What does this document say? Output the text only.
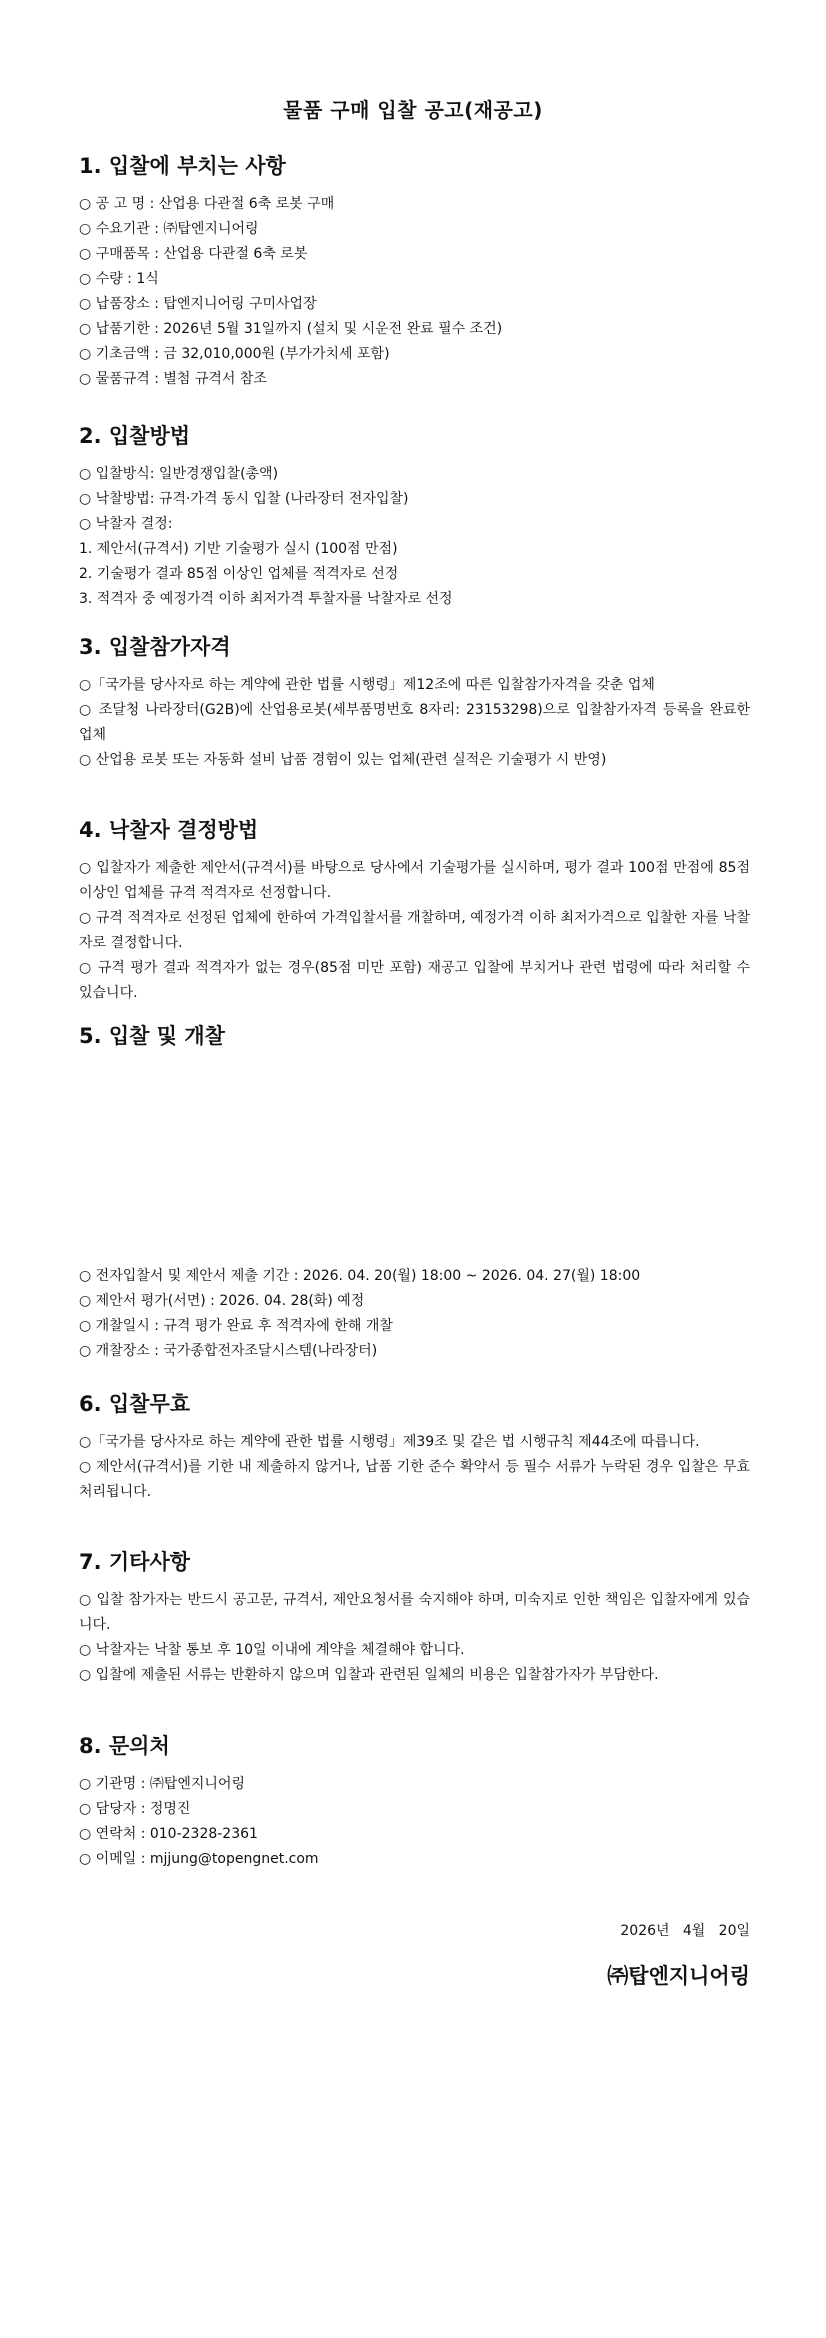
물품 구매 입찰 공고(재공고)
1. 입찰에 부치는 사항
○ 공 고 명 : 산업용 다관절 6축 로봇 구매
○ 수요기관 : ㈜탑엔지니어링
○ 구매품목 : 산업용 다관절 6축 로봇
○ 수량 : 1식
○ 납품장소 : 탑엔지니어링 구미사업장
○ 납품기한 : 2026년 5월 31일까지 (설치 및 시운전 완료 필수 조건)
○ 기초금액 : 금 32,010,000원 (부가가치세 포함)
○ 물품규격 : 별첨 규격서 참조
2. 입찰방법
○ 입찰방식: 일반경쟁입찰(총액)
○ 낙찰방법: 규격·가격 동시 입찰 (나라장터 전자입찰)
○ 낙찰자 결정:
1. 제안서(규격서) 기반 기술평가 실시 (100점 만점)
2. 기술평가 결과 85점 이상인 업체를 적격자로 선정
3. 적격자 중 예정가격 이하 최저가격 투찰자를 낙찰자로 선정
3. 입찰참가자격
○「국가를 당사자로 하는 계약에 관한 법률 시행령」제12조에 따른 입찰참가자격을 갖춘 업체
○ 조달청 나라장터(G2B)에 산업용로봇(세부품명번호 8자리: 23153298)으로 입찰참가자격 등록을 완료한 업체
○ 산업용 로봇 또는 자동화 설비 납품 경험이 있는 업체(관련 실적은 기술평가 시 반영)
4. 낙찰자 결정방법
○ 입찰자가 제출한 제안서(규격서)를 바탕으로 당사에서 기술평가를 실시하며, 평가 결과 100점 만점에 85점 이상인 업체를 규격 적격자로 선정합니다.
○ 규격 적격자로 선정된 업체에 한하여 가격입찰서를 개찰하며, 예정가격 이하 최저가격으로 입찰한 자를 낙찰자로 결정합니다.
○ 규격 평가 결과 적격자가 없는 경우(85점 미만 포함) 재공고 입찰에 부치거나 관련 법령에 따라 처리할 수 있습니다.
5. 입찰 및 개찰
○ 전자입찰서 및 제안서 제출 기간 : 2026. 04. 20(월) 18:00 ~ 2026. 04. 27(월) 18:00
○ 제안서 평가(서면) : 2026. 04. 28(화) 예정
○ 개찰일시 : 규격 평가 완료 후 적격자에 한해 개찰
○ 개찰장소 : 국가종합전자조달시스템(나라장터)
6. 입찰무효
○「국가를 당사자로 하는 계약에 관한 법률 시행령」제39조 및 같은 법 시행규칙 제44조에 따릅니다.
○ 제안서(규격서)를 기한 내 제출하지 않거나, 납품 기한 준수 확약서 등 필수 서류가 누락된 경우 입찰은 무효 처리됩니다.
7. 기타사항
○ 입찰 참가자는 반드시 공고문, 규격서, 제안요청서를 숙지해야 하며, 미숙지로 인한 책임은 입찰자에게 있습니다.
○ 낙찰자는 낙찰 통보 후 10일 이내에 계약을 체결해야 합니다.
○ 입찰에 제출된 서류는 반환하지 않으며 입찰과 관련된 일체의 비용은 입찰참가자가 부담한다.
8. 문의처
○ 기관명 : ㈜탑엔지니어링
○ 담당자 : 정명진
○ 연락처 : 010-2328-2361
○ 이메일 : mjjung@topengnet.com
2026년   4월   20일
㈜탑엔지니어링
